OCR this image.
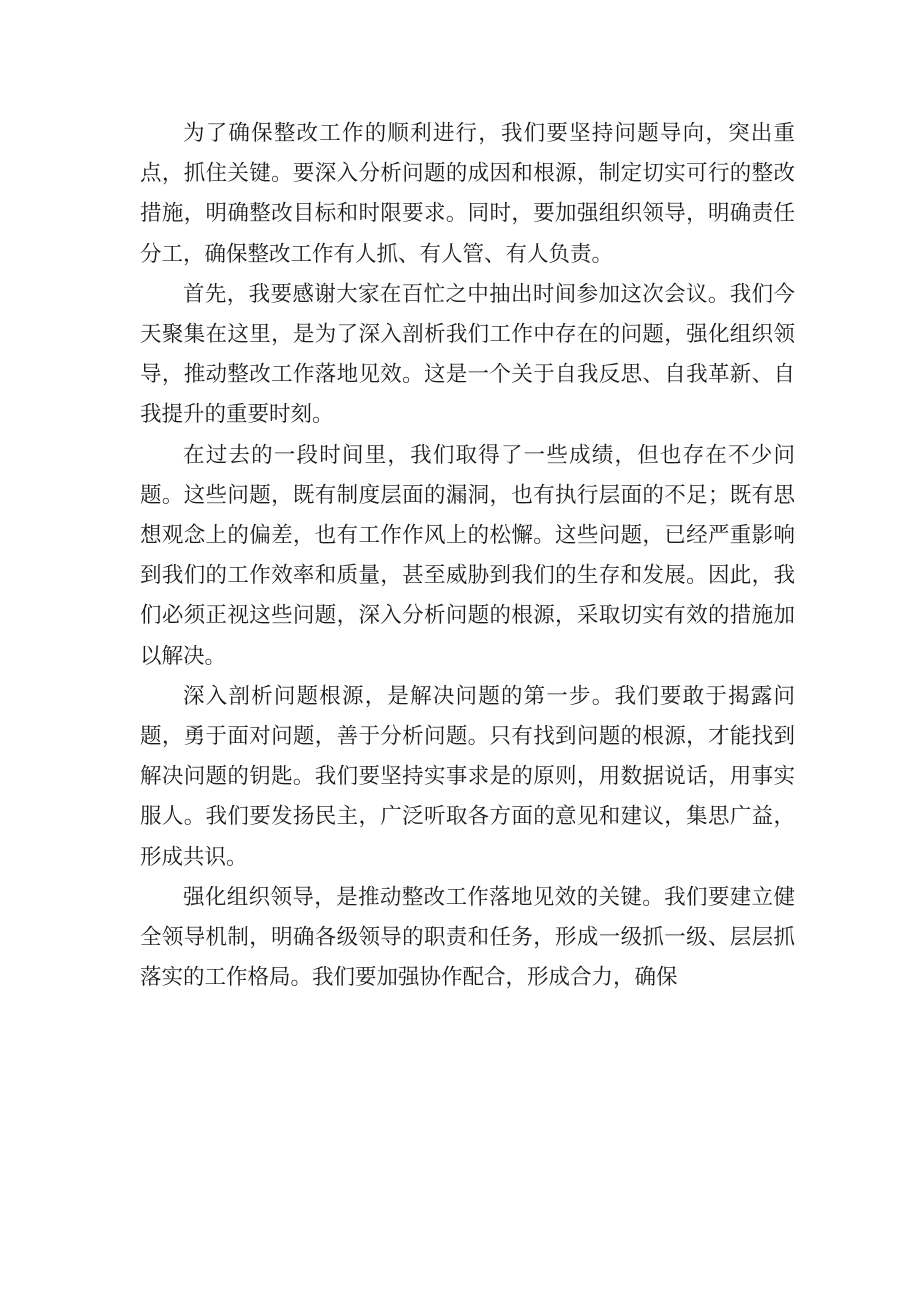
为了确保整改工作的顺利进行，我们要坚持问题导向，突出重点，抓住关键。要深入分析问题的成因和根源，制定切实可行的整改措施，明确整改目标和时限要求。同时，要加强组织领导，明确责任分工，确保整改工作有人抓、有人管、有人负责。

首先，我要感谢大家在百忙之中抽出时间参加这次会议。我们今天聚集在这里，是为了深入剖析我们工作中存在的问题，强化组织领导，推动整改工作落地见效。这是一个关于自我反思、自我革新、自我提升的重要时刻。

在过去的一段时间里，我们取得了一些成绩，但也存在不少问题。这些问题，既有制度层面的漏洞，也有执行层面的不足；既有思想观念上的偏差，也有工作作风上的松懈。这些问题，已经严重影响到我们的工作效率和质量，甚至威胁到我们的生存和发展。因此，我们必须正视这些问题，深入分析问题的根源，采取切实有效的措施加以解决。

深入剖析问题根源，是解决问题的第一步。我们要敢于揭露问题，勇于面对问题，善于分析问题。只有找到问题的根源，才能找到解决问题的钥匙。我们要坚持实事求是的原则，用数据说话，用事实服人。我们要发扬民主，广泛听取各方面的意见和建议，集思广益，形成共识。

强化组织领导，是推动整改工作落地见效的关键。我们要建立健全领导机制，明确各级领导的职责和任务，形成一级抓一级、层层抓落实的工作格局。我们要加强协作配合，形成合力，确保
